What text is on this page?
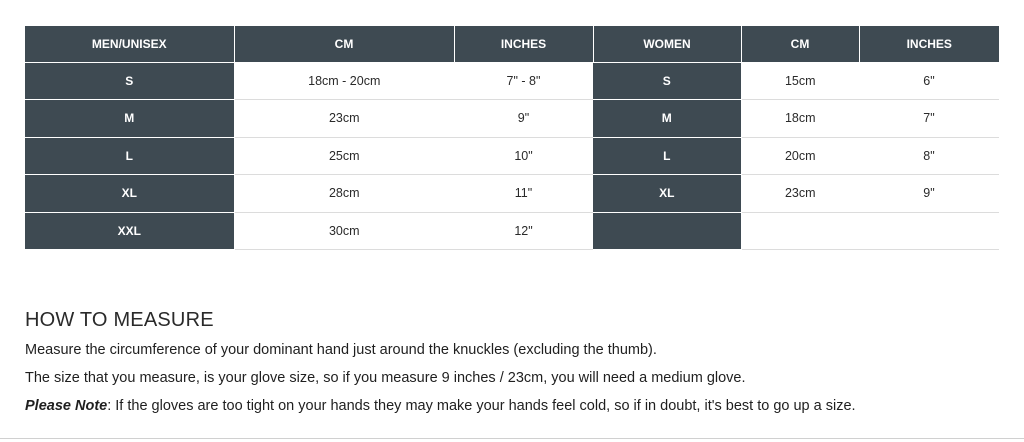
MEN/UNISEX	CM	INCHES	WOMEN	CM	INCHES
S	18cm - 20cm	7" - 8"	S	15cm	6"
M	23cm	9"	M	18cm	7"
L	25cm	10"	L	20cm	8"
XL	28cm	11"	XL	23cm	9"
XXL	30cm	12"			
HOW TO MEASURE

Measure the circumference of your dominant hand just around the knuckles (excluding the thumb).

The size that you measure, is your glove size, so if you measure 9 inches / 23cm, you will need a medium glove.

Please Note: If the gloves are too tight on your hands they may make your hands feel cold, so if in doubt, it's best to go up a size.
